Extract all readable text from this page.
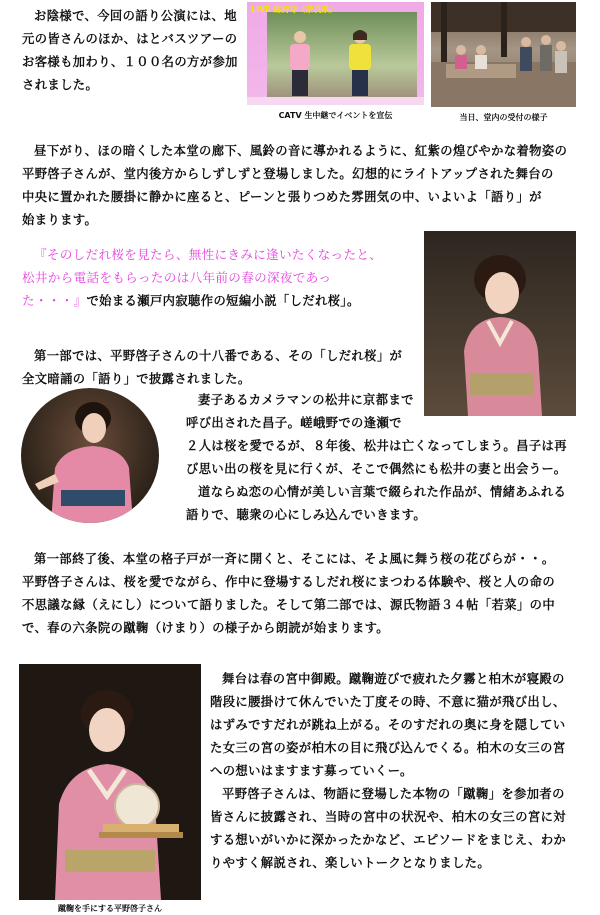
お陰様で、今回の語り公演には、地
元の皆さんのほか、はとバスツアーの
お客様も加わり、１００名の方が参加
されました。
LIVE 総持寺（奈良県）
CATV 生中継でイベントを宣伝	当日、堂内の受付の様子
昼下がり、ほの暗くした本堂の廊下、風鈴の音に導かれるように、紅紫の煌びやかな着物姿の
平野啓子さんが、堂内後方からしずしずと登場しました。幻想的にライトアップされた舞台の
中央に置かれた腰掛に静かに座ると、ピーンと張りつめた雰囲気の中、いよいよ「語り」が
始まります。
『そのしだれ桜を見たら、無性にきみに逢いたくなったと、
松井から電話をもらったのは八年前の春の深夜であっ
た・・・』で始まる瀬戸内寂聴作の短編小説「しだれ桜」。
第一部では、平野啓子さんの十八番である、その「しだれ桜」が
全文暗誦の「語り」で披露されました。
妻子あるカメラマンの松井に京都まで
呼び出された昌子。嵯峨野での逢瀬で
２人は桜を愛でるが、８年後、松井は亡くなってしまう。昌子は再
び思い出の桜を見に行くが、そこで偶然にも松井の妻と出会うー。
道ならぬ恋の心情が美しい言葉で綴られた作品が、情緒あふれる
語りで、聴衆の心にしみ込んでいきます。
第一部終了後、本堂の格子戸が一斉に開くと、そこには、そよ風に舞う桜の花びらが・・。
平野啓子さんは、桜を愛でながら、作中に登場するしだれ桜にまつわる体験や、桜と人の命の
不思議な縁（えにし）について語りました。そして第二部では、源氏物語３４帖「若菜」の中
で、春の六条院の蹴鞠（けまり）の様子から朗読が始まります。
蹴鞠を手にする平野啓子さん
舞台は春の宮中御殿。蹴鞠遊びで疲れた夕霧と柏木が寝殿の
階段に腰掛けて休んでいた丁度その時、不意に猫が飛び出し、
はずみですだれが跳ね上がる。そのすだれの奥に身を隠してい
た女三の宮の姿が柏木の目に飛び込んでくる。柏木の女三の宮
への想いはますます募っていくー。
平野啓子さんは、物語に登場した本物の「蹴鞠」を参加者の
皆さんに披露され、当時の宮中の状況や、柏木の女三の宮に対
する想いがいかに深かったかなど、エピソードをまじえ、わか
りやすく解説され、楽しいトークとなりました。
